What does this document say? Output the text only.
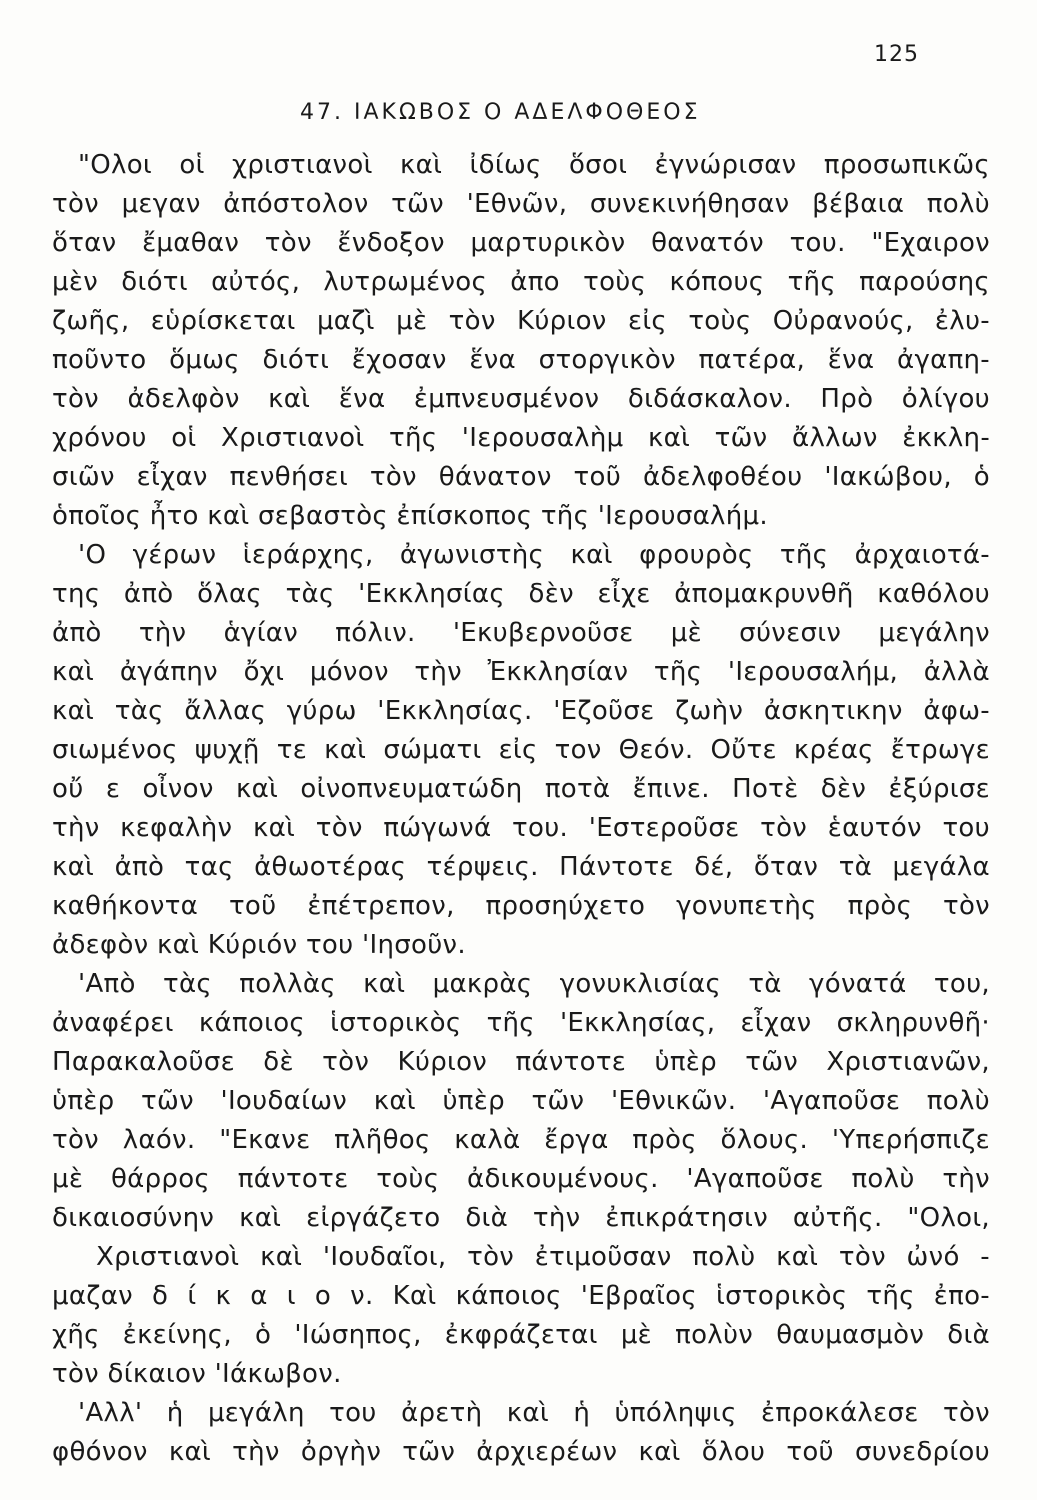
125
47. ΙΑΚΩΒΟΣ Ο ΑΔΕΛΦΟΘΕΟΣ
"Ολοι οἱ χριστιανοὶ καὶ ἰδίως ὅσοι ἐγνώρισαν προσωπικῶς
τὸν μεγαν ἀπόστολον τῶν 'Εθνῶν, συνεκινήθησαν βέβαια πολὺ
ὅταν ἔμαθαν τὸν ἔνδοξον μαρτυρικὸν θανατόν του. "Εχαιρον
μὲν διότι αὐτός, λυτρωμένος ἀπο τοὺς κόπους τῆς παρούσης
ζωῆς, εὑρίσκεται μαζὶ μὲ τὸν Κύριον εἰς τοὺς Οὐρανούς, ἐλυ-
ποῦντο ὅμως διότι ἔχοσαν ἕνα στοργικὸν πατέρα, ἕνα ἀγαπη-
τὸν ἀδελφὸν καὶ ἕνα ἐμπνευσμένον διδάσκαλον. Πρὸ ὀλίγου
χρόνου οἱ Χριστιανοὶ τῆς 'Ιερουσαλὴμ καὶ τῶν ἄλλων ἐκκλη-
σιῶν εἶχαν πενθήσει τὸν θάνατον τοῦ ἀδελφοθέου 'Ιακώβου, ὁ
ὁποῖος ἦτο καὶ σεβαστὸς ἐπίσκοπος τῆς 'Ιερουσαλήμ.
'Ο γέρων ἱεράρχης, ἀγωνιστὴς καὶ φρουρὸς τῆς ἀρχαιοτά-
της ἀπὸ ὅλας τὰς 'Εκκλησίας δὲν εἶχε ἀπομακρυνθῆ καθόλου
ἀπὸ τὴν ἁγίαν πόλιν. 'Εκυβερνοῦσε μὲ σύνεσιν μεγάλην
καὶ ἀγάπην ὄχι μόνον τὴν Ἐκκλησίαν τῆς 'Ιερουσαλήμ, ἀλλὰ
καὶ τὰς ἄλλας γύρω 'Εκκλησίας. 'Εζοῦσε ζωὴν ἀσκητικην ἀφω-
σιωμένος ψυχῇ τε καὶ σώματι εἰς τον Θεόν. Οὔτε κρέας ἔτρωγε
οὔ ε οἶνον καὶ οἰνοπνευματώδη ποτὰ ἔπινε. Ποτὲ δὲν ἐξύρισε
τὴν κεφαλὴν καὶ τὸν πώγωνά του. 'Εστεροῦσε τὸν ἑαυτόν του
καὶ ἀπὸ τας ἀθωοτέρας τέρψεις. Πάντοτε δέ, ὅταν τὰ μεγάλα
καθήκοντα τοῦ ἐπέτρεπον, προσηύχετο γονυπετὴς πρὸς τὸν
ἀδεφὸν καὶ Κύριόν του 'Ιησοῦν.
'Απὸ τὰς πολλὰς καὶ μακρὰς γονυκλισίας τὰ γόνατά του,
ἀναφέρει κάποιος ἱστορικὸς τῆς 'Εκκλησίας, εἶχαν σκληρυνθῆ·
Παρακαλοῦσε δὲ τὸν Κύριον πάντοτε ὑπὲρ τῶν Χριστιανῶν,
ὑπὲρ τῶν 'Ιουδαίων καὶ ὑπὲρ τῶν 'Εθνικῶν. 'Αγαποῦσε πολὺ
τὸν λαόν. "Εκανε πλῆθος καλὰ ἔργα πρὸς ὅλους. 'Υπερήσπιζε
μὲ θάρρος πάντοτε τοὺς ἀδικουμένους. 'Αγαποῦσε πολὺ τὴν
δικαιοσύνην καὶ εἰργάζετο διὰ τὴν ἐπικράτησιν αὐτῆς. "Ολοι,
Χριστιανοὶ καὶ 'Ιουδαῖοι, τὸν ἐτιμοῦσαν πολὺ καὶ τὸν ὠνό -
μαζαν δ ί κ α ι ο ν. Καὶ κάποιος 'Εβραῖος ἱστορικὸς τῆς ἐπο-
χῆς ἐκείνης, ὁ 'Ιώσηπος, ἐκφράζεται μὲ πολὺν θαυμασμὸν διὰ
τὸν δίκαιον 'Ιάκωβον.
'Αλλ' ἡ μεγάλη του ἀρετὴ καὶ ἡ ὑπόληψις ἐπροκάλεσε τὸν
φθόνον καὶ τὴν ὀργὴν τῶν ἀρχιερέων καὶ ὅλου τοῦ συνεδρίου
